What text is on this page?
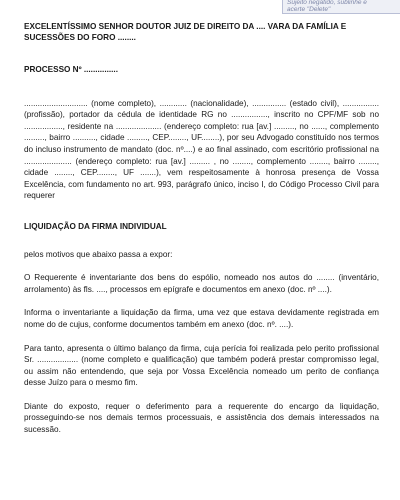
Sujeito negatido, sublinhe e
acerte "Delete"
EXCELENTÍSSIMO SENHOR DOUTOR JUIZ DE DIREITO DA .... VARA DA FAMÍLIA E SUCESSÕES DO FORO ........
PROCESSO Nº ...............

............................ (nome completo), ............ (nacionalidade), ............... (estado civil), ................ (profissão), portador da cédula de identidade RG no ................, inscrito no CPF/MF sob no ................., residente na .................... (endereço completo: rua [av.] ........., no ......, complemento ........., bairro .........., cidade ........., CEP........, UF........), por seu Advogado constituído nos termos do incluso instrumento de mandato (doc. nº....) e ao final assinado, com escritório profissional na ..................... (endereço completo: rua [av.] ......... , no ........, complemento ........, bairro ........, cidade ........, CEP........, UF .......), vem respeitosamente à honrosa presença de Vossa Excelência, com fundamento no art. 993, parágrafo único, inciso I, do Código Processo Civil para requerer

LIQUIDAÇÃO DA FIRMA INDIVIDUAL

pelos motivos que abaixo passa a expor:

O Requerente é inventariante dos bens do espólio, nomeado nos autos do ........ (inventário, arrolamento) às fls. ...., processos em epígrafe e documentos em anexo (doc. nº ....).

Informa o inventariante a liquidação da firma, uma vez que estava devidamente registrada em nome do de cujus, conforme documentos também em anexo (doc. nº. ....).

Para tanto, apresenta o último balanço da firma, cuja perícia foi realizada pelo perito profissional Sr. .................. (nome completo e qualificação) que também poderá prestar compromisso legal, ou assim não entendendo, que seja por Vossa Excelência nomeado um perito de confiança desse Juízo para o mesmo fim.

Diante do exposto, requer o deferimento para a requerente do encargo da liquidação, prosseguindo-se nos demais termos processuais, e assistência dos demais interessados na sucessão.
